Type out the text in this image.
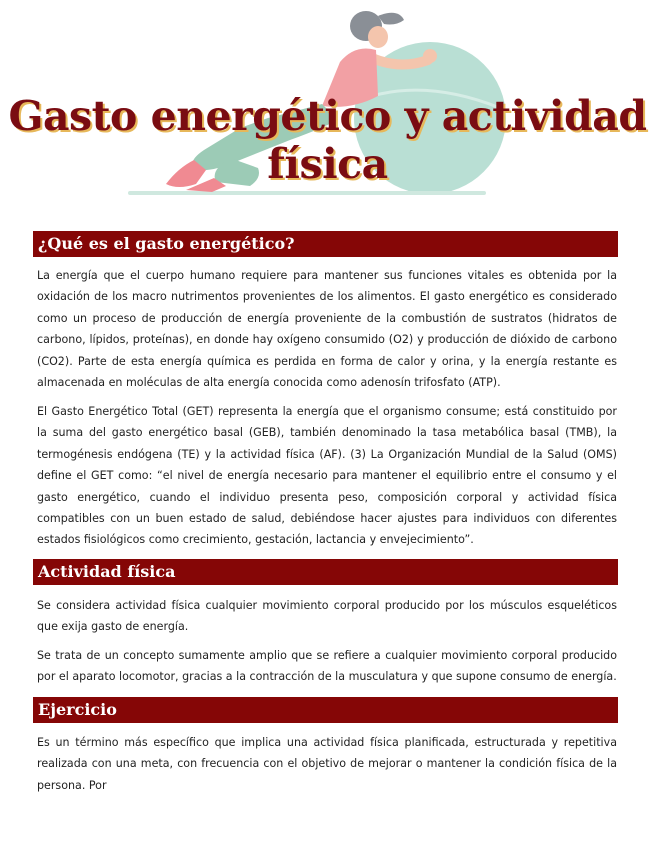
Gasto energético y actividad física
¿Qué es el gasto energético?

La energía que el cuerpo humano requiere para mantener sus funciones vitales es obtenida por la oxidación de los macro nutrimentos provenientes de los alimentos. El gasto energético es considerado como un proceso de producción de energía proveniente de la combustión de sustratos (hidratos de carbono, lípidos, proteínas), en donde hay oxígeno consumido (O2) y producción de dióxido de carbono (CO2). Parte de esta energía química es perdida en forma de calor y orina, y la energía restante es almacenada en moléculas de alta energía conocida como adenosín trifosfato (ATP).

El Gasto Energético Total (GET) representa la energía que el organismo consume; está constituido por la suma del gasto energético basal (GEB), también denominado la tasa metabólica basal (TMB), la termogénesis endógena (TE) y la actividad física (AF). (3) La Organización Mundial de la Salud (OMS) define el GET como: “el nivel de energía necesario para mantener el equilibrio entre el consumo y el gasto energético, cuando el individuo presenta peso, composición corporal y actividad física compatibles con un buen estado de salud, debiéndose hacer ajustes para individuos con diferentes estados fisiológicos como crecimiento, gestación, lactancia y envejecimiento”.

Actividad física

Se considera actividad física cualquier movimiento corporal producido por los músculos esqueléticos que exija gasto de energía.

Se trata de un concepto sumamente amplio que se refiere a cualquier movimiento corporal producido por el aparato locomotor, gracias a la contracción de la musculatura y que supone consumo de energía.

Ejercicio

Es un término más específico que implica una actividad física planificada, estructurada y repetitiva realizada con una meta, con frecuencia con el objetivo de mejorar o mantener la condición física de la persona. Por
